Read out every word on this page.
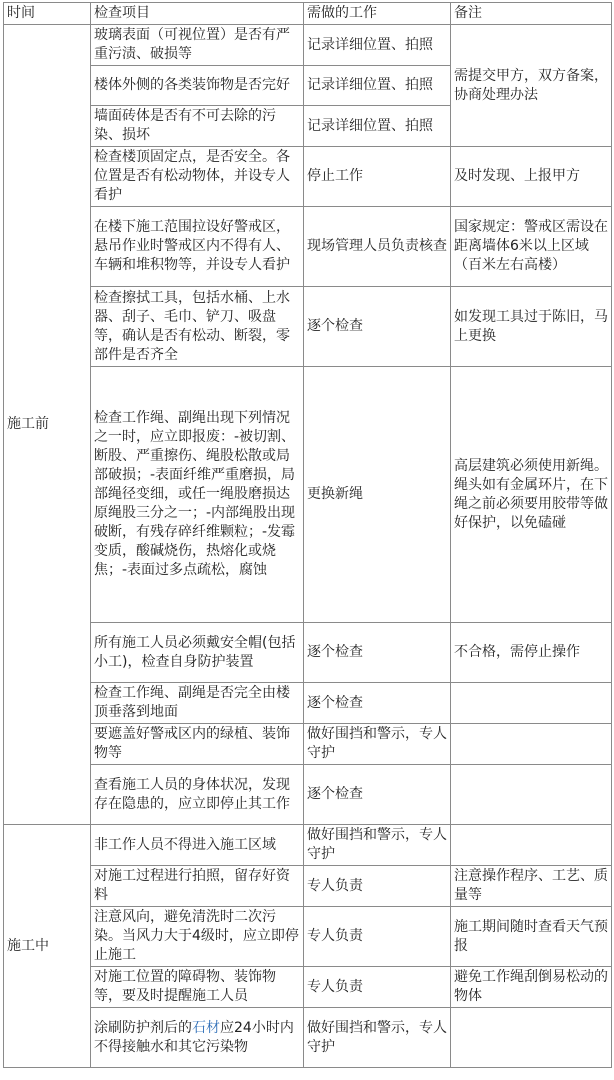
时间	检查项目	需做的工作	备注
施工前	玻璃表面（可视位置）是否有严重污渍、破损等	记录详细位置、拍照	需提交甲方，双方备案，协商处理办法
	楼体外侧的各类装饰物是否完好	记录详细位置、拍照	
	墙面砖体是否有不可去除的污染、损坏	记录详细位置、拍照	
	检查楼顶固定点，是否安全。各位置是否有松动物体，并设专人看护	停止工作	及时发现、上报甲方
	在楼下施工范围拉设好警戒区，悬吊作业时警戒区内不得有人、车辆和堆积物等，并设专人看护	现场管理人员负责核查	国家规定：警戒区需设在距离墙体6米以上区域（百米左右高楼）
	检查擦拭工具，包括水桶、上水器、刮子、毛巾、铲刀、吸盘等，确认是否有松动、断裂，零部件是否齐全	逐个检查	如发现工具过于陈旧，马上更换
	检查工作绳、副绳出现下列情况之一时，应立即报废：-被切割、断股、严重擦伤、绳股松散或局部破损；-表面纤维严重磨损，局部绳径变细，或任一绳股磨损达原绳股三分之一；-内部绳股出现破断，有残存碎纤维颗粒；-发霉变质，酸碱烧伤，热熔化或烧焦；-表面过多点疏松，腐蚀	更换新绳	高层建筑必须使用新绳。绳头如有金属环片，在下绳之前必须要用胶带等做好保护，以免磕碰
	所有施工人员必须戴安全帽(包括小工)，检查自身防护装置	逐个检查	不合格，需停止操作
	检查工作绳、副绳是否完全由楼顶垂落到地面	逐个检查	
	要遮盖好警戒区内的绿植、装饰物等	做好围挡和警示，专人守护	
	查看施工人员的身体状况，发现存在隐患的，应立即停止其工作	逐个检查	
施工中	非工作人员不得进入施工区域	做好围挡和警示，专人守护	
	对施工过程进行拍照，留存好资料	专人负责	注意操作程序、工艺、质量等
	注意风向，避免清洗时二次污染。当风力大于4级时，应立即停止施工	专人负责	施工期间随时查看天气预报
	对施工位置的障碍物、装饰物等，要及时提醒施工人员	专人负责	避免工作绳刮倒易松动的物体
	涂刷防护剂后的石材应24小时内不得接触水和其它污染物	做好围挡和警示，专人守护	
